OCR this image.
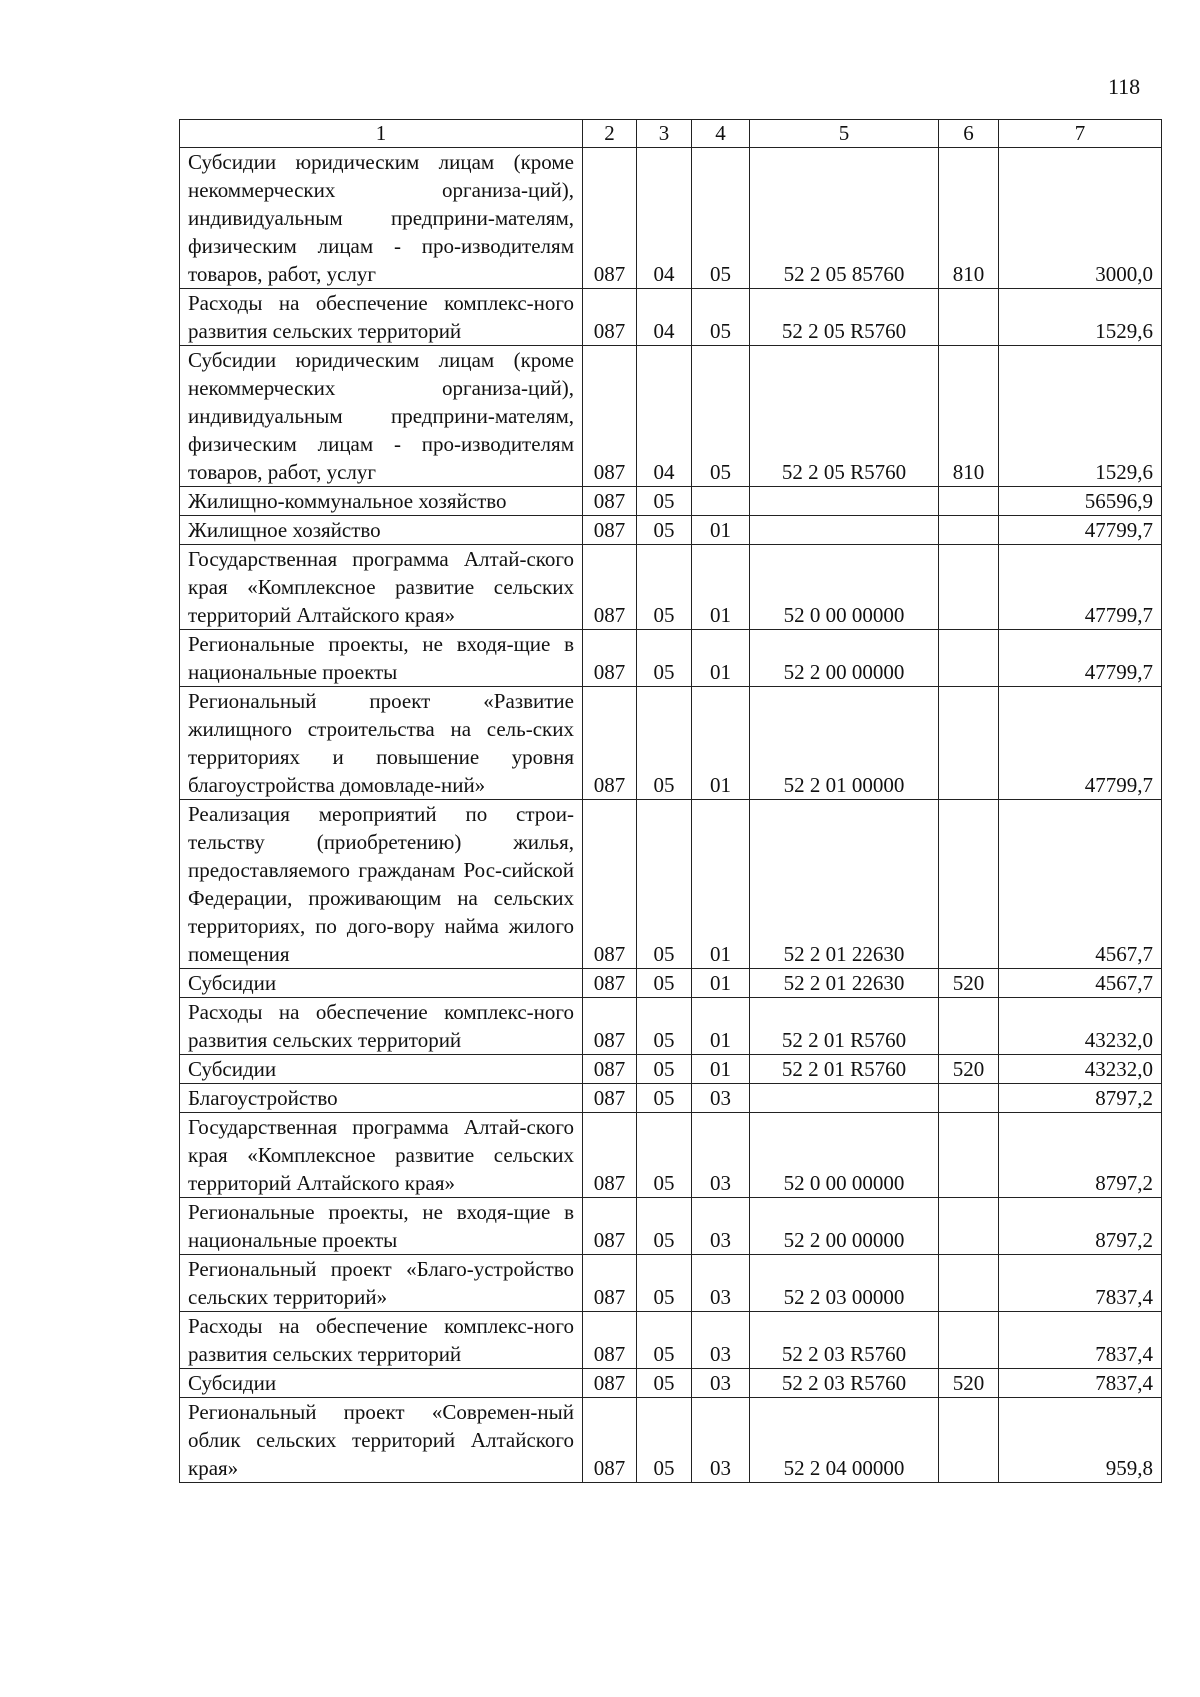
118
1	2	3	4	5	6	7
Субсидии юридическим лицам (кроме некоммерческих организа-ций), индивидуальным предприни-мателям, физическим лицам - про-изводителям товаров, работ, услуг	087	04	05	52 2 05 85760	810	3000,0
Расходы на обеспечение комплекс-ного развития сельских территорий	087	04	05	52 2 05 R5760		1529,6
Субсидии юридическим лицам (кроме некоммерческих организа-ций), индивидуальным предприни-мателям, физическим лицам - про-изводителям товаров, работ, услуг	087	04	05	52 2 05 R5760	810	1529,6
Жилищно-коммунальное хозяйство	087	05				56596,9
Жилищное хозяйство	087	05	01			47799,7
Государственная программа Алтай-ского края «Комплексное развитие сельских территорий Алтайского края»	087	05	01	52 0 00 00000		47799,7
Региональные проекты, не входя-щие в национальные проекты	087	05	01	52 2 00 00000		47799,7
Региональный проект «Развитие жилищного строительства на сель-ских территориях и повышение уровня благоустройства домовладе-ний»	087	05	01	52 2 01 00000		47799,7
Реализация мероприятий по строи-тельству (приобретению) жилья, предоставляемого гражданам Рос-сийской Федерации, проживающим на сельских территориях, по дого-вору найма жилого помещения	087	05	01	52 2 01 22630		4567,7
Субсидии	087	05	01	52 2 01 22630	520	4567,7
Расходы на обеспечение комплекс-ного развития сельских территорий	087	05	01	52 2 01 R5760		43232,0
Субсидии	087	05	01	52 2 01 R5760	520	43232,0
Благоустройство	087	05	03			8797,2
Государственная программа Алтай-ского края «Комплексное развитие сельских территорий Алтайского края»	087	05	03	52 0 00 00000		8797,2
Региональные проекты, не входя-щие в национальные проекты	087	05	03	52 2 00 00000		8797,2
Региональный проект «Благо-устройство сельских территорий»	087	05	03	52 2 03 00000		7837,4
Расходы на обеспечение комплекс-ного развития сельских территорий	087	05	03	52 2 03 R5760		7837,4
Субсидии	087	05	03	52 2 03 R5760	520	7837,4
Региональный проект «Современ-ный облик сельских территорий Алтайского края»	087	05	03	52 2 04 00000		959,8
